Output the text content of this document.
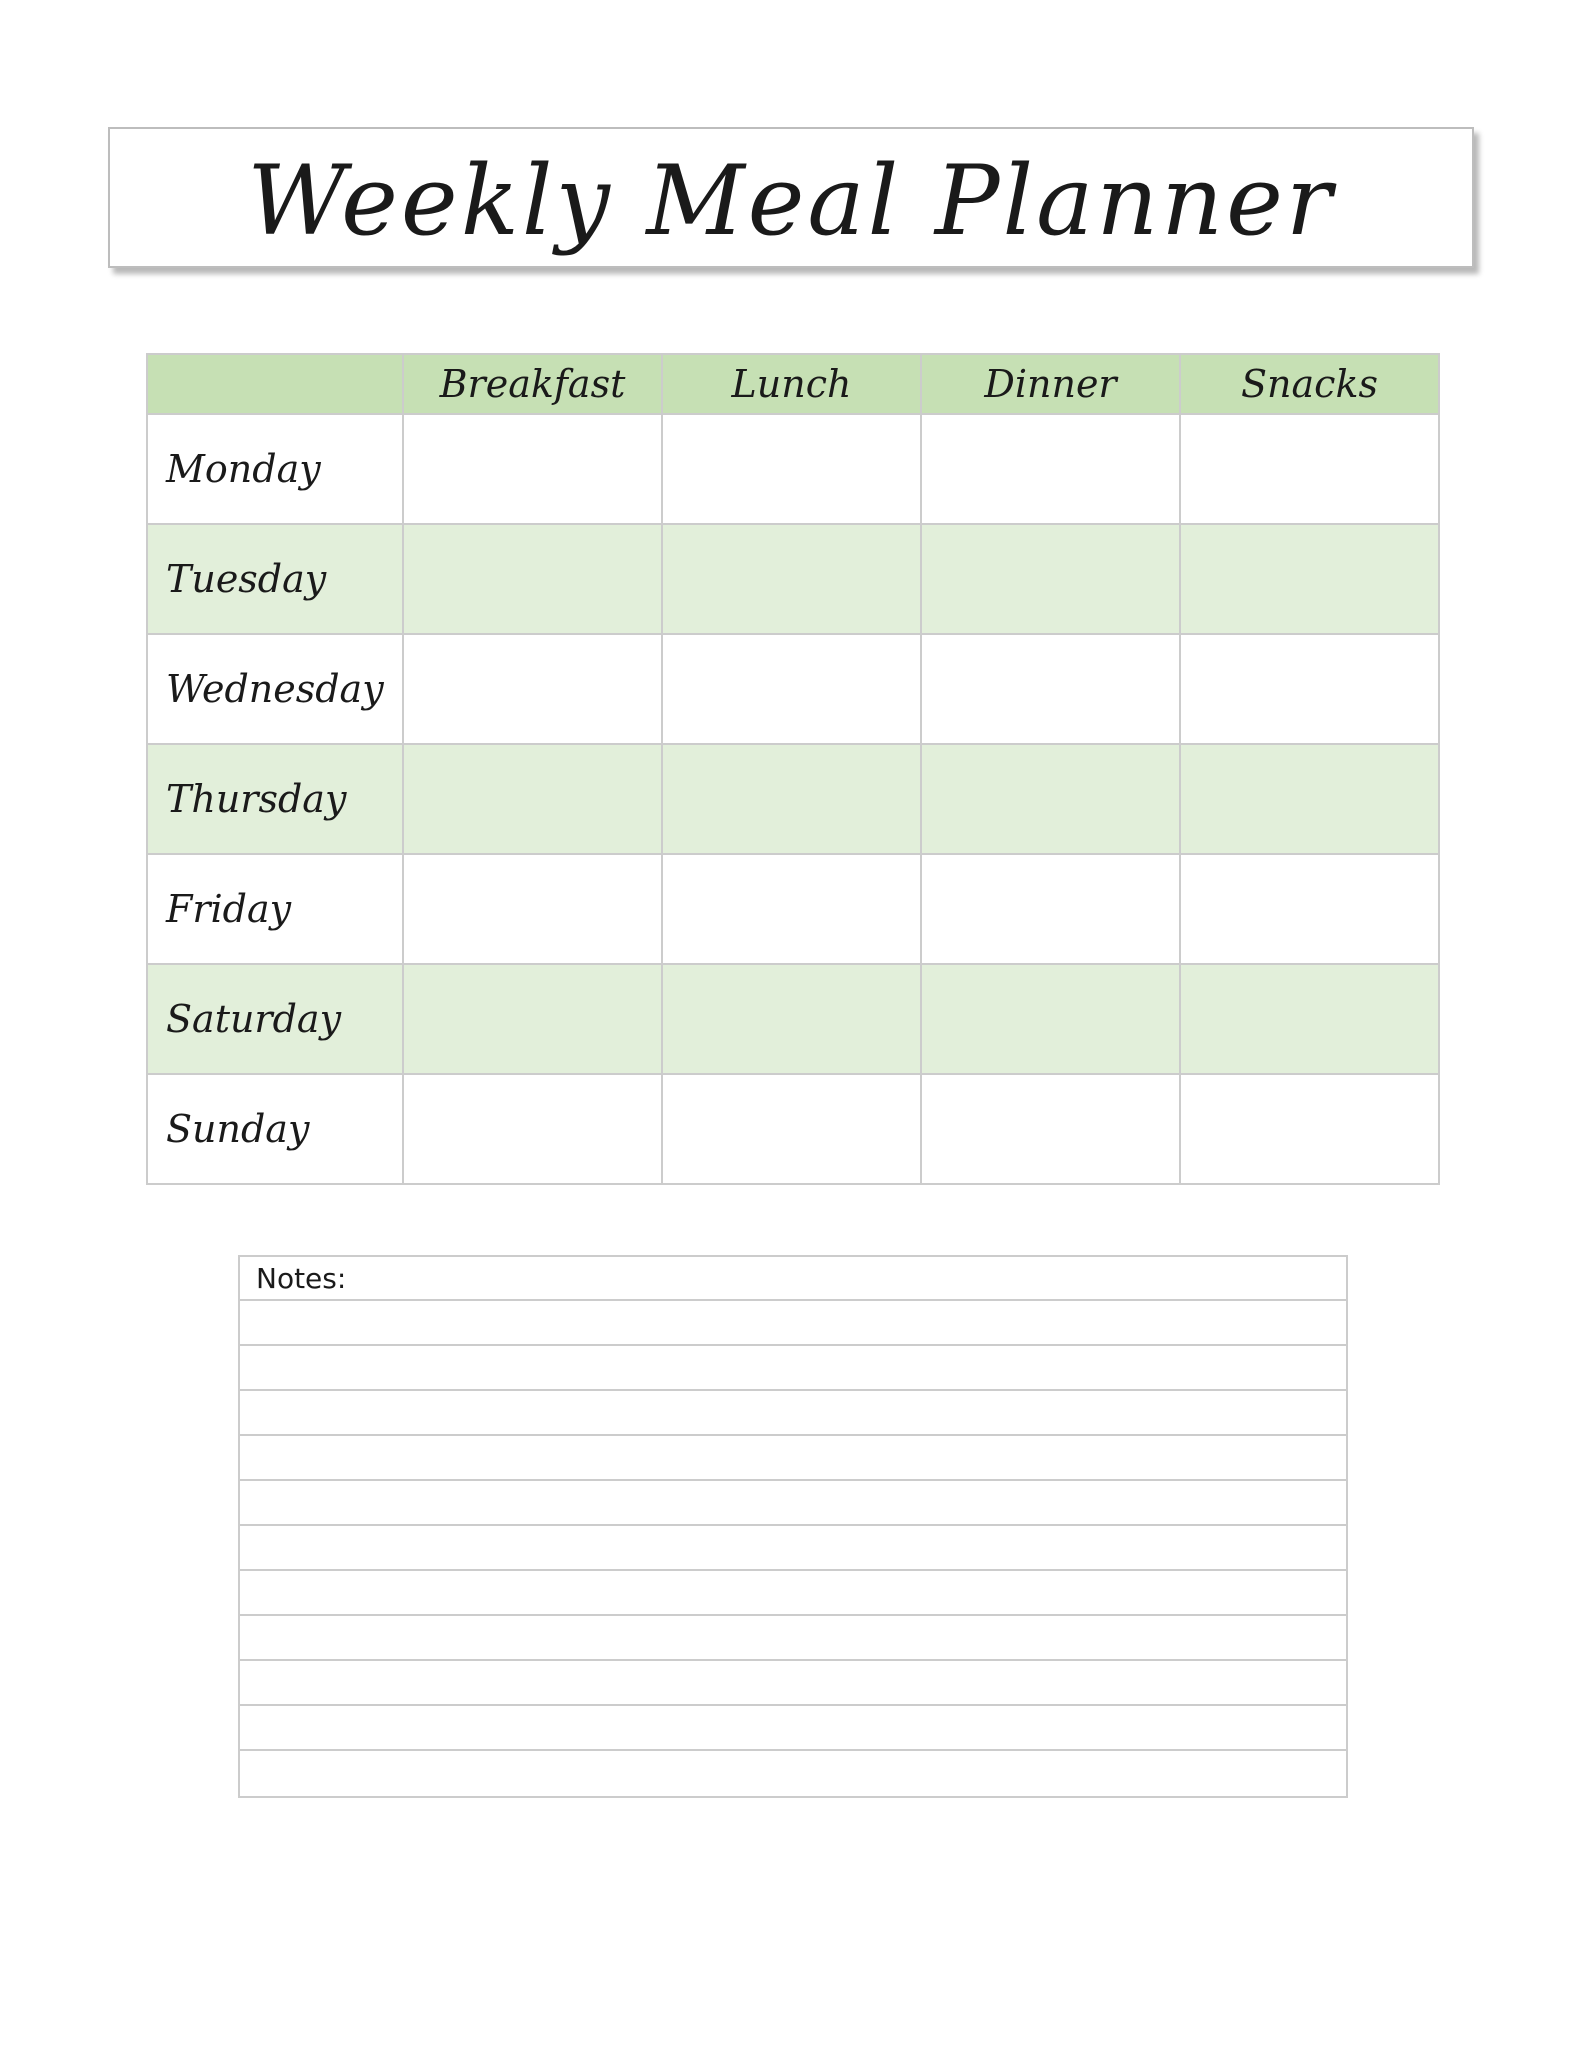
Weekly Meal Planner
	Breakfast	Lunch	Dinner	Snacks
Monday				
Tuesday				
Wednesday				
Thursday				
Friday				
Saturday				
Sunday				
Notes:
